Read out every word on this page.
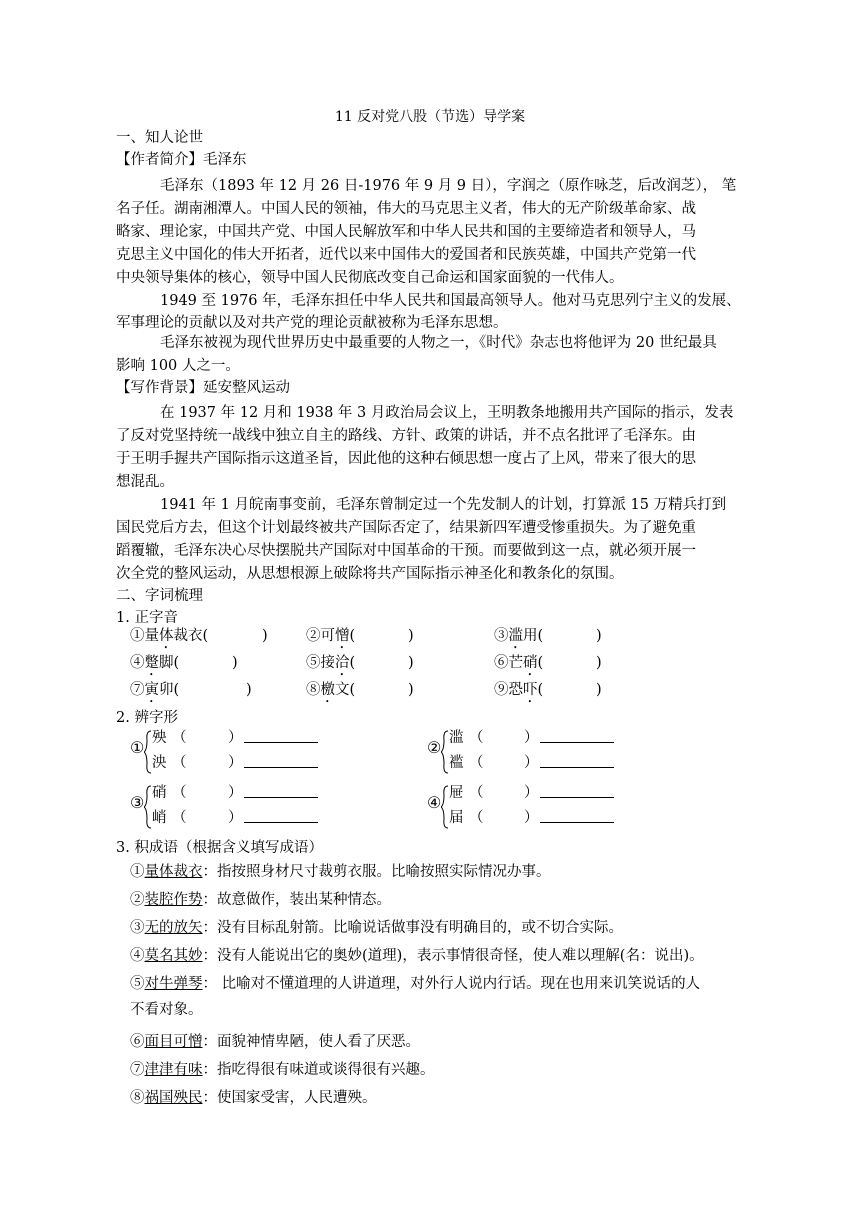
11 反对党八股（节选）导学案
一、知人论世
【作者简介】毛泽东
毛泽东（1893 年 12 月 26 日-1976 年 9 月 9 日），字润之（原作咏芝，后改润芝）， 笔
名子任。湖南湘潭人。中国人民的领袖，伟大的马克思主义者，伟大的无产阶级革命家、战
略家、理论家，中国共产党、中国人民解放军和中华人民共和国的主要缔造者和领导人，马
克思主义中国化的伟大开拓者，近代以来中国伟大的爱国者和民族英雄，中国共产党第一代
中央领导集体的核心，领导中国人民彻底改变自己命运和国家面貌的一代伟人。
1949 至 1976 年，毛泽东担任中华人民共和国最高领导人。他对马克思列宁主义的发展、
军事理论的贡献以及对共产党的理论贡献被称为毛泽东思想。
毛泽东被视为现代世界历史中最重要的人物之一，《时代》杂志也将他评为 20 世纪最具
影响 100 人之一。
【写作背景】延安整风运动
在 1937 年 12 月和 1938 年 3 月政治局会议上，王明教条地搬用共产国际的指示，发表
了反对党坚持统一战线中独立自主的路线、方针、政策的讲话，并不点名批评了毛泽东。由
于王明手握共产国际指示这道圣旨，因此他的这种右倾思想一度占了上风，带来了很大的思
想混乱。
1941 年 1 月皖南事变前，毛泽东曾制定过一个先发制人的计划，打算派 15 万精兵打到
国民党后方去，但这个计划最终被共产国际否定了，结果新四军遭受惨重损失。为了避免重
蹈覆辙，毛泽东决心尽快摆脱共产国际对中国革命的干预。而要做到这一点，就必须开展一
次全党的整风运动，从思想根源上破除将共产国际指示神圣化和教条化的氛围。
二、字词梳理
1. 正字音
①量体裁衣(	)	②可憎(	)	③滥用(	)
④蹩脚(	)	⑤接洽(	)	⑥芒硝(	)
⑦寅卯(	)	⑧檄文(	)	⑨恐吓(	)
2. 辨字形
① 殃 （	）
泱 （	）
② 滥 （	）
褴 （	）
③ 硝 （	）
峭 （	）
④ 屉 （	）
届 （	）
3. 积成语（根据含义填写成语）
①量体裁衣：指按照身材尺寸裁剪衣服。比喻按照实际情况办事。
②装腔作势：故意做作，装出某种情态。
③无的放矢：没有目标乱射箭。比喻说话做事没有明确目的，或不切合实际。
④莫名其妙：没有人能说出它的奥妙(道理)，表示事情很奇怪，使人难以理解(名：说出)。
⑤对牛弹琴： 比喻对不懂道理的人讲道理，对外行人说内行话。现在也用来讥笑说话的人
不看对象。
⑥面目可憎：面貌神情卑陋，使人看了厌恶。
⑦津津有味：指吃得很有味道或谈得很有兴趣。
⑧祸国殃民：使国家受害，人民遭殃。
